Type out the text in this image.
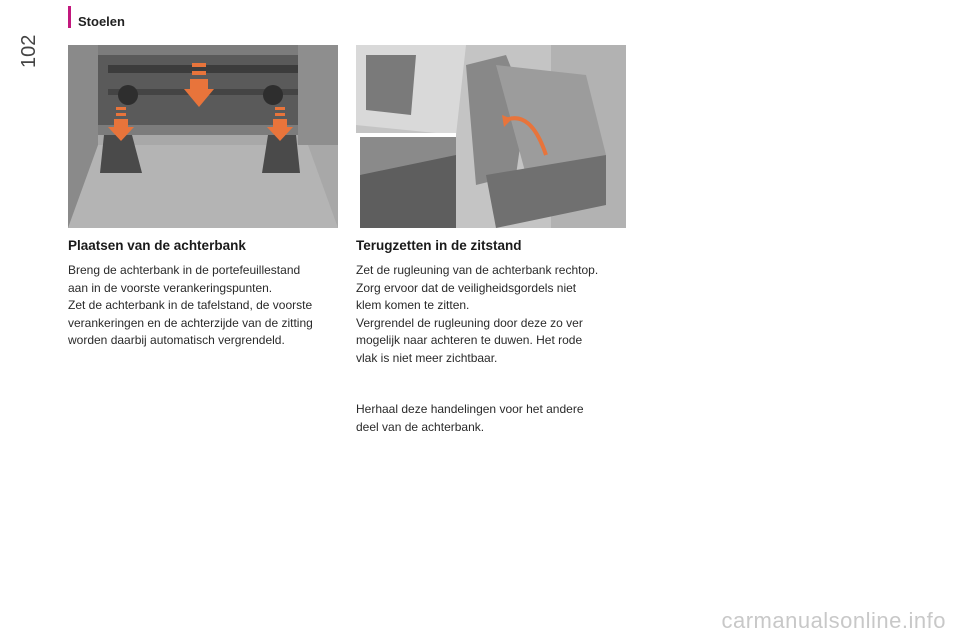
Stoelen
102
Plaatsen van de achterbank

Breng de achterbank in de portefeuillestand
aan in de voorste verankeringspunten.
Zet de achterbank in de tafelstand, de voorste
verankeringen en de achterzijde van de zitting
worden daarbij automatisch vergrendeld.

Terugzetten in de zitstand

Zet de rugleuning van de achterbank rechtop.
Zorg ervoor dat de veiligheidsgordels niet
klem komen te zitten.
Vergrendel de rugleuning door deze zo ver
mogelijk naar achteren te duwen. Het rode
vlak is niet meer zichtbaar.

Herhaal deze handelingen voor het andere
deel van de achterbank.

carmanualsonline.info
